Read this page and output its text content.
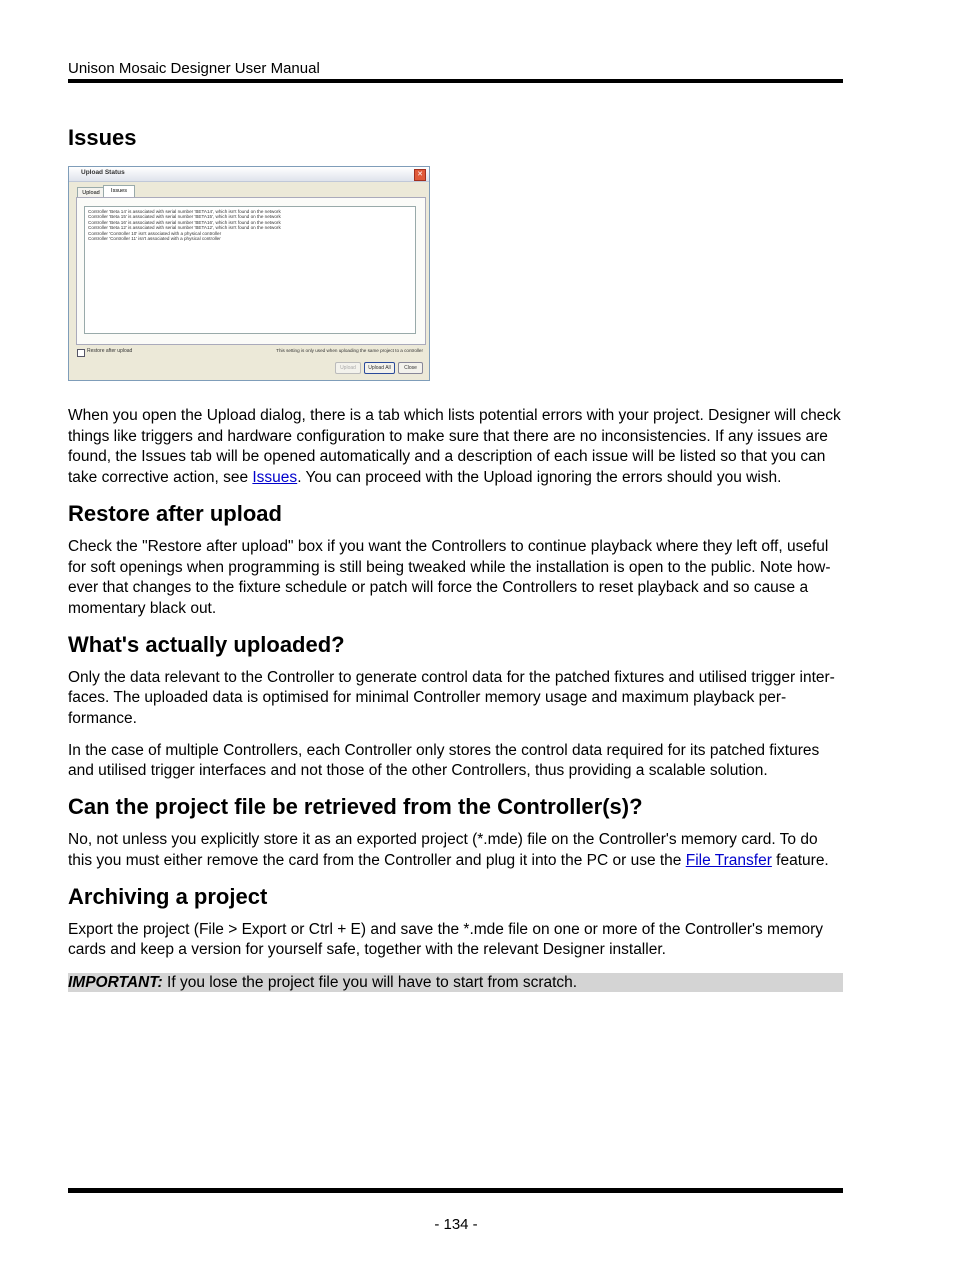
Unison Mosaic Designer User Manual
Issues

When you open the Upload dialog, there is a tab which lists potential errors with your project. Designer will check things like triggers and hardware configuration to make sure that there are no inconsistencies. If any issues are found, the Issues tab will be opened automatically and a description of each issue will be listed so that you can take corrective action, see Issues. You can proceed with the Upload ignoring the errors should you wish.

Restore after upload

Check the "Restore after upload" box if you want the Controllers to continue playback where they left off, useful for soft openings when programming is still being tweaked while the installation is open to the public. Note how-ever that changes to the fixture schedule or patch will force the Controllers to reset playback and so cause a momentary black out.

What's actually uploaded?

Only the data relevant to the Controller to generate control data for the patched fixtures and utilised trigger inter-faces. The uploaded data is optimised for minimal Controller memory usage and maximum playback per-formance.

In the case of multiple Controllers, each Controller only stores the control data required for its patched fixtures and utilised trigger interfaces and not those of the other Controllers, thus providing a scalable solution.

Can the project file be retrieved from the Controller(s)?

No, not unless you explicitly store it as an exported project (*.mde) file on the Controller's memory card. To do this you must either remove the card from the Controller and plug it into the PC or use the File Transfer feature.

Archiving a project

Export the project (File > Export or Ctrl + E) and save the *.mde file on one or more of the Controller's memory cards and keep a version for yourself safe, together with the relevant Designer installer.

IMPORTANT: If you lose the project file you will have to start from scratch.
Upload Status	✕
Upload	Issues
Controller 'Beta 14' is associated with serial number 'BETA14', which isn't found on the network
Controller 'Beta 15' is associated with serial number 'BETA15', which isn't found on the network
Controller 'Beta 16' is associated with serial number 'BETA16', which isn't found on the network
Controller 'Beta 12' is associated with serial number 'BETA12', which isn't found on the network
Controller 'Controller 10' isn't associated with a physical controller
Controller 'Controller 11' isn't associated with a physical controller
Restore after upload	This setting is only used when uploading the same project to a controller
Upload	Upload All	Close
- 134 -
